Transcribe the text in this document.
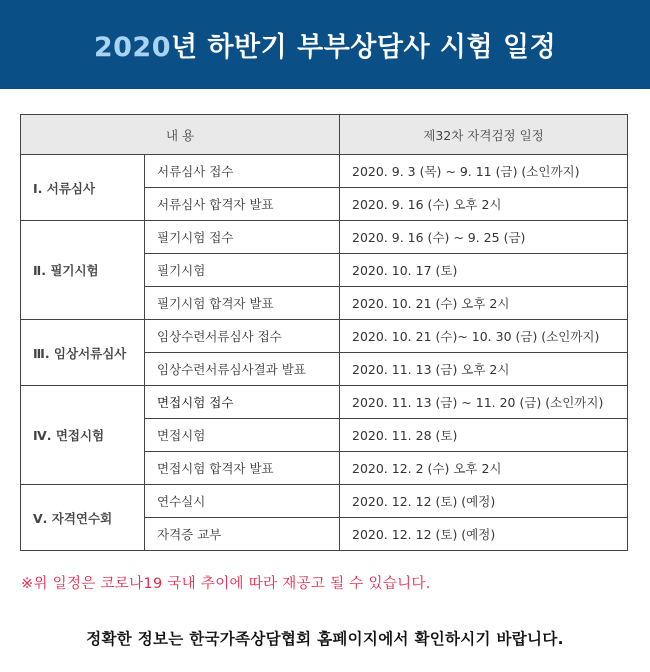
2020년 하반기 부부상담사 시험 일정
내 용		제32차 자격검정 일정
Ⅰ. 서류심사	서류심사 접수	2020. 9. 3 (목) ~ 9. 11 (금) (소인까지)
	서류심사 합격자 발표	2020. 9. 16 (수) 오후 2시
Ⅱ. 필기시험	필기시험 접수	2020. 9. 16 (수) ~ 9. 25 (금)
	필기시험	2020. 10. 17 (토)
	필기시험 합격자 발표	2020. 10. 21 (수) 오후 2시
Ⅲ. 임상서류심사	임상수련서류심사 접수	2020. 10. 21 (수)~ 10. 30 (금) (소인까지)
	임상수련서류심사결과 발표	2020. 11. 13 (금) 오후 2시
Ⅳ. 면접시험	면접시험 접수	2020. 11. 13 (금) ~ 11. 20 (금) (소인까지)
	면접시험	2020. 11. 28 (토)
	면접시험 합격자 발표	2020. 12. 2 (수) 오후 2시
Ⅴ. 자격연수회	연수실시	2020. 12. 12 (토) (예정)
	자격증 교부	2020. 12. 12 (토) (예정)
※위 일정은 코로나19 국내 추이에 따라 재공고 될 수 있습니다.
정확한 정보는 한국가족상담협회 홈페이지에서 확인하시기 바랍니다.
